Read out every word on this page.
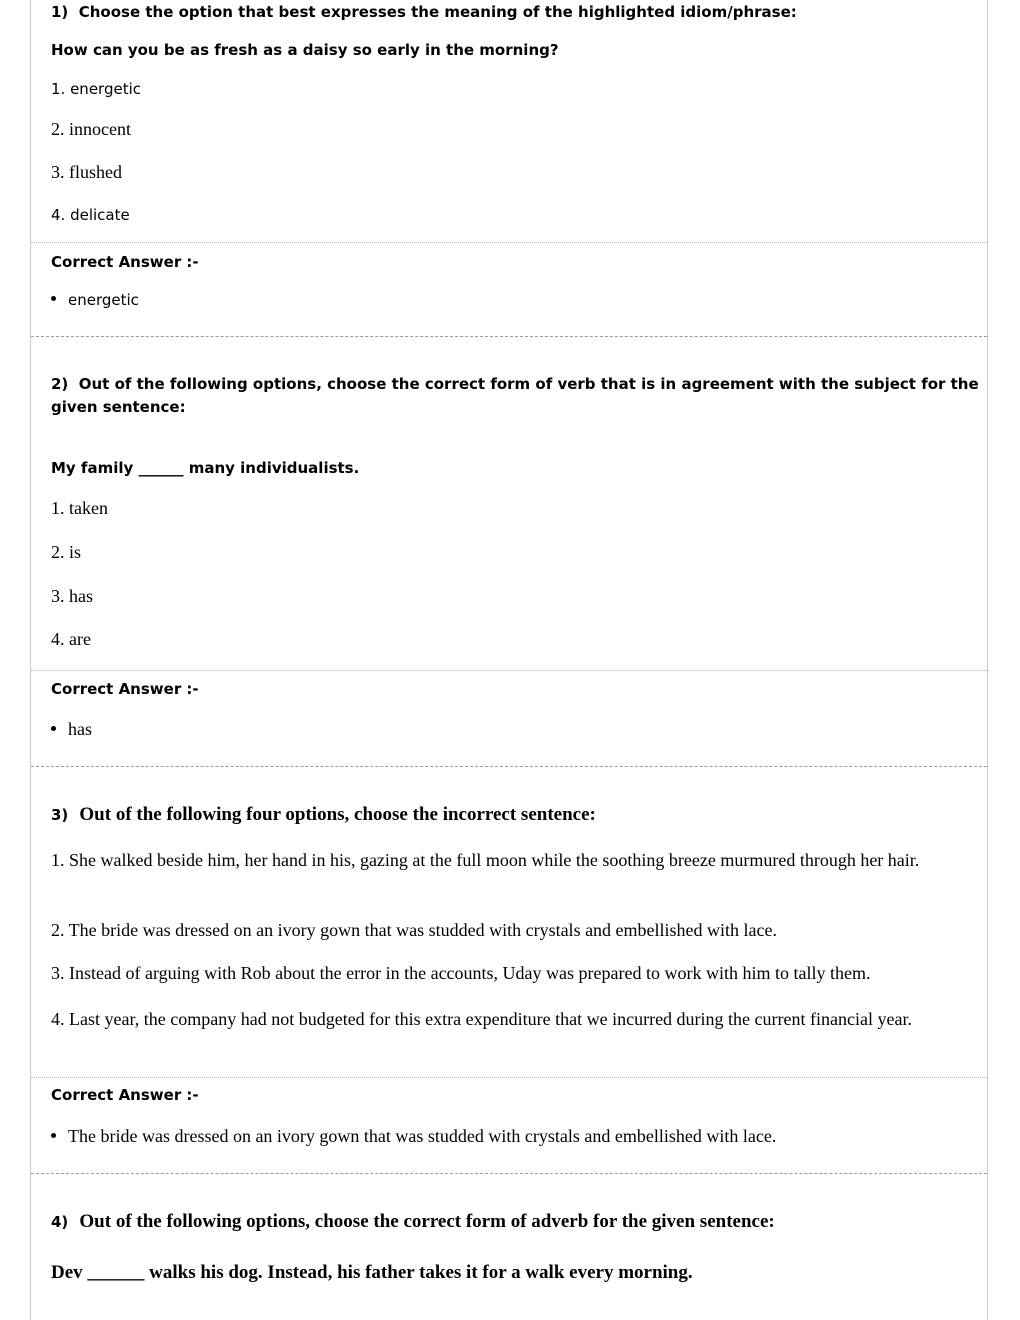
1) Choose the option that best expresses the meaning of the highlighted idiom/phrase:
How can you be as fresh as a daisy so early in the morning?
1. energetic
2. innocent
3. flushed
4. delicate
Correct Answer :-
energetic
2) Out of the following options, choose the correct form of verb that is in agreement with the subject for the
given sentence:
My family ______ many individualists.
1. taken
2. is
3. has
4. are
Correct Answer :-
has
3) Out of the following four options, choose the incorrect sentence:
1. She walked beside him, her hand in his, gazing at the full moon while the soothing breeze murmured through her hair.
2. The bride was dressed on an ivory gown that was studded with crystals and embellished with lace.
3. Instead of arguing with Rob about the error in the accounts, Uday was prepared to work with him to tally them.
4. Last year, the company had not budgeted for this extra expenditure that we incurred during the current financial year.
Correct Answer :-
The bride was dressed on an ivory gown that was studded with crystals and embellished with lace.
4) Out of the following options, choose the correct form of adverb for the given sentence:
Dev ______ walks his dog. Instead, his father takes it for a walk every morning.
